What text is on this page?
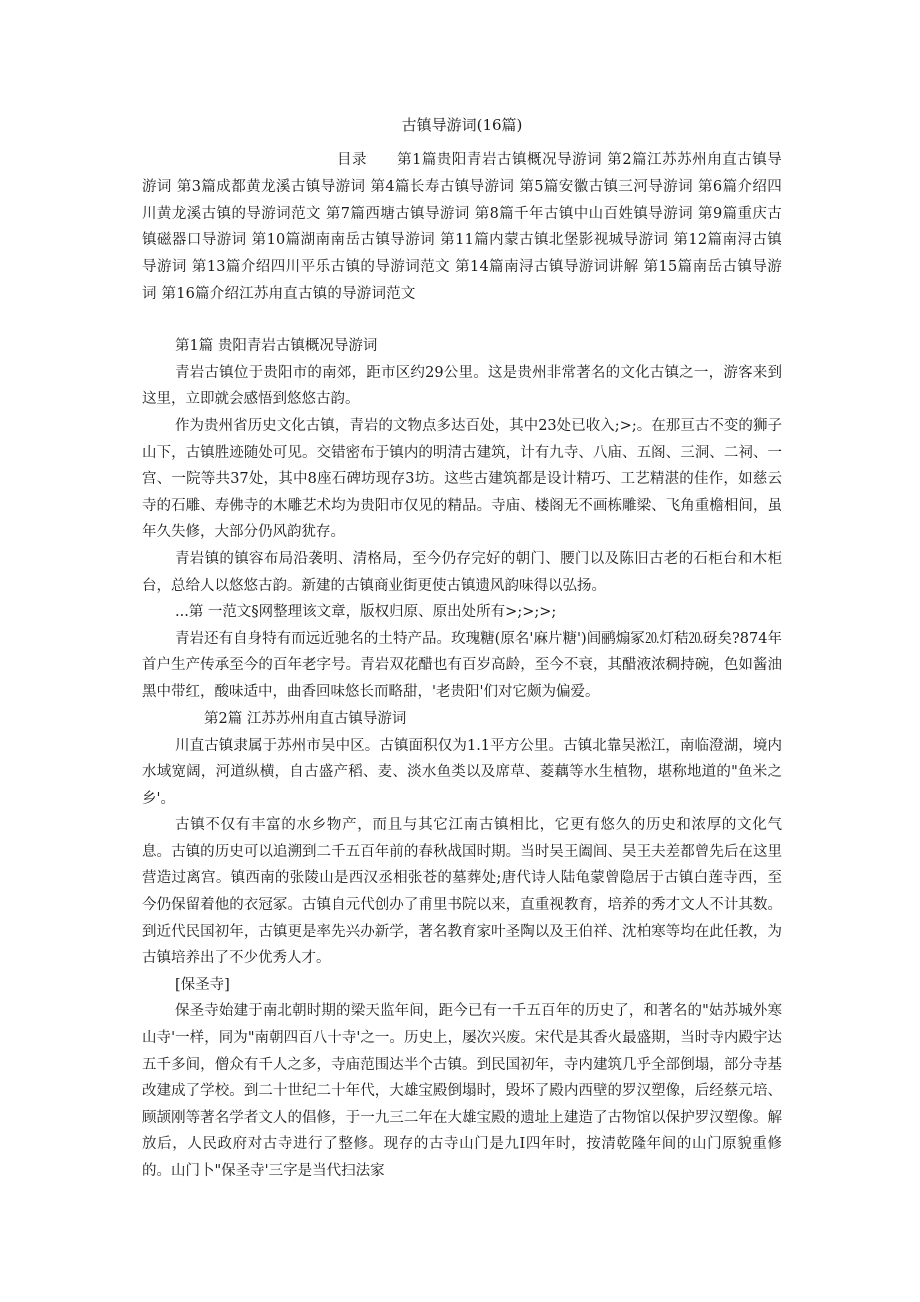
古镇导游词(16篇)

目录　　第1篇贵阳青岩古镇概况导游词 第2篇江苏苏州甪直古镇导游词 第3篇成都黄龙溪古镇导游词 第4篇长寿古镇导游词 第5篇安徽古镇三河导游词 第6篇介绍四川黄龙溪古镇的导游词范文 第7篇西塘古镇导游词 第8篇千年古镇中山百姓镇导游词 第9篇重庆古镇磁器口导游词 第10篇湖南南岳古镇导游词 第11篇内蒙古镇北堡影视城导游词 第12篇南浔古镇导游词 第13篇介绍四川平乐古镇的导游词范文 第14篇南浔古镇导游词讲解 第15篇南岳古镇导游词 第16篇介绍江苏甪直古镇的导游词范文

第1篇 贵阳青岩古镇概况导游词

青岩古镇位于贵阳市的南郊，距市区约29公里。这是贵州非常著名的文化古镇之一，游客来到这里，立即就会感悟到悠悠古韵。

作为贵州省历史文化古镇，青岩的文物点多达百处，其中23处已收入;>;。在那亘古不变的狮子山下，古镇胜迹随处可见。交错密布于镇内的明清古建筑，计有九寺、八庙、五阁、三洞、二祠、一宫、一院等共37处，其中8座石碑坊现存3坊。这些古建筑都是设计精巧、工艺精湛的佳作，如慈云寺的石雕、寿佛寺的木雕艺术均为贵阳市仅见的精品。寺庙、楼阁无不画栋雕梁、飞角重檐相间，虽年久失修，大部分仍风韵犹存。

青岩镇的镇容布局沿袭明、清格局，至今仍存完好的朝门、腰门以及陈旧古老的石柜台和木柜台，总给人以悠悠古韵。新建的古镇商业街更使古镇遗风韵味得以弘扬。

...第 一范文§网整理该文章，版权归原、原出处所有>;>;>;

青岩还有自身特有而远近驰名的土特产品。玫瑰糖(原名'麻片糖')闾鹂煽冢⒛灯秸⒛砑矣?874年首户生产传承至今的百年老字号。青岩双花醋也有百岁高龄，至今不衰，其醋液浓稠持碗，色如酱油黑中带红，酸味适中，曲香回味悠长而略甜，'老贵阳'们对它颇为偏爱。

第2篇 江苏苏州甪直古镇导游词

川直古镇隶属于苏州市吴中区。古镇面积仅为1.1平方公里。古镇北靠吴淞江，南临澄湖，境内水域宽阔，河道纵横，自古盛产稻、麦、淡水鱼类以及席草、菱藕等水生植物，堪称地道的"鱼米之乡'。

古镇不仅有丰富的水乡物产，而且与其它江南古镇相比，它更有悠久的历史和浓厚的文化气息。古镇的历史可以追溯到二千五百年前的春秋战国时期。当时吴王阖闾、吴王夫差都曾先后在这里营造过离宫。镇西南的张陵山是西汉丞相张苍的墓葬处;唐代诗人陆龟蒙曾隐居于古镇白莲寺西，至今仍保留着他的衣冠冢。古镇自元代创办了甫里书院以来，直重视教育，培养的秀才文人不计其数。到近代民国初年，古镇更是率先兴办新学，著名教育家叶圣陶以及王伯祥、沈柏寒等均在此任教，为古镇培养出了不少优秀人才。

[保圣寺]

保圣寺始建于南北朝时期的梁天监年间，距今已有一千五百年的历史了，和著名的"姑苏城外寒山寺'一样，同为"南朝四百八十寺'之一。历史上，屡次兴废。宋代是其香火最盛期，当时寺内殿宇达五千多间，僧众有千人之多，寺庙范围达半个古镇。到民国初年，寺内建筑几乎全部倒塌，部分寺基改建成了学校。到二十世纪二十年代，大雄宝殿倒塌时，毁坏了殿内西壁的罗汉塑像，后经蔡元培、顾颉刚等著名学者文人的倡修，于一九三二年在大雄宝殿的遗址上建造了古物馆以保护罗汉塑像。解放后，人民政府对古寺进行了整修。现存的古寺山门是九I四年时，按清乾隆年间的山门原貌重修的。山门卜"保圣寺'三字是当代扫法家
